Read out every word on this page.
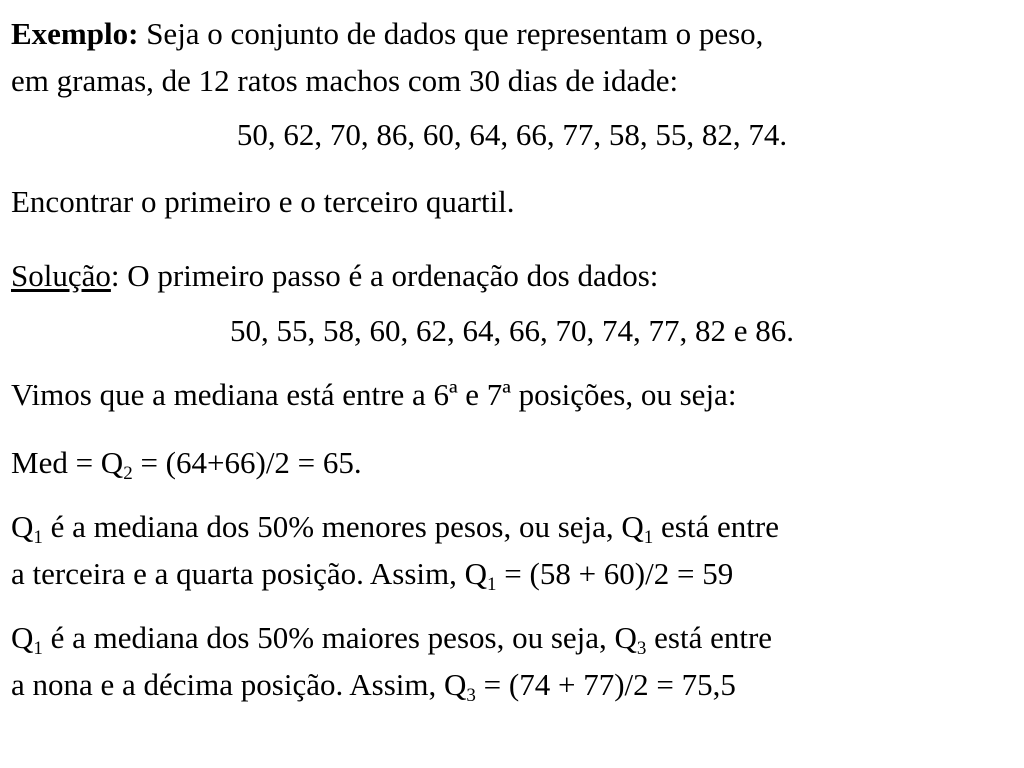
Exemplo: Seja o conjunto de dados que representam o peso,

em gramas, de 12 ratos machos com 30 dias de idade:

50, 62, 70, 86, 60, 64, 66, 77, 58, 55, 82, 74.

Encontrar o primeiro e o terceiro quartil.

Solução: O primeiro passo é a ordenação dos dados:

50, 55, 58, 60, 62, 64, 66, 70, 74, 77, 82 e 86.

Vimos que a mediana está entre a 6ª e 7ª posições, ou seja:

Med = $Q_2 = (64+66)/2 = 65$.

$Q_1$ é a mediana dos 50% menores pesos, ou seja, $Q_1$ está entre

a terceira e a quarta posição. Assim, $Q_1 = (58 + 60)/2 = 59$

$Q_1$ é a mediana dos 50% maiores pesos, ou seja, $Q_3$ está entre

a nona e a décima posição. Assim, $Q_3 = (74 + 77)/2 = 75,5$
